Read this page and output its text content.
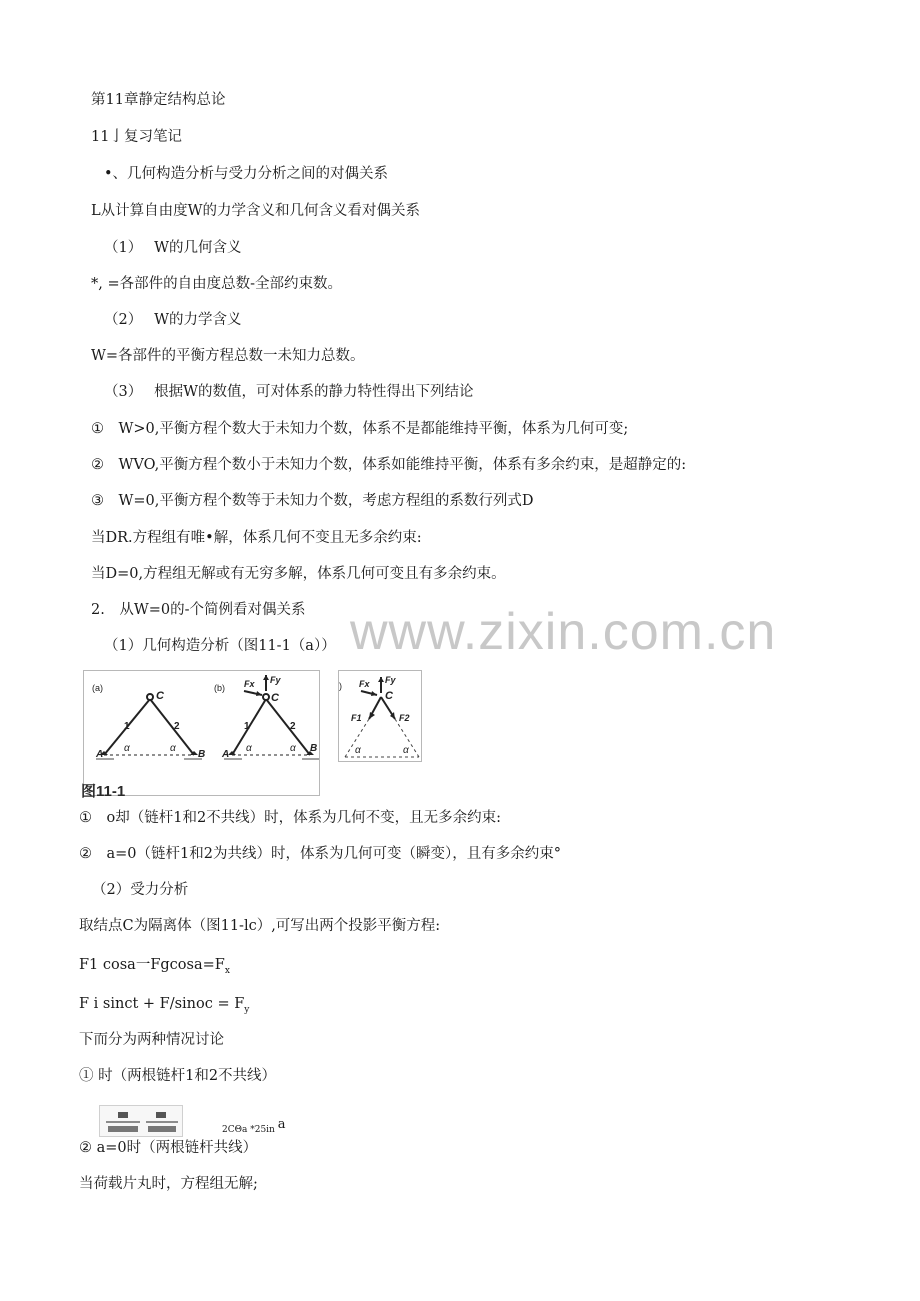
www.zixin.com.cn
第11章静定结构总论
11亅复习笔记
•、几何构造分析与受力分析之间的对偶关系
L从计算自由度W的力学含义和几何含义看对偶关系
（1）　 W的几何含义
*, =各部件的自由度总数-全部约束数。
（2）　 W的力学含义
W=各部件的平衡方程总数一未知力总数。
（3）　 根据W的数值，可对体系的静力特性得出下列结论
①　W>0,平衡方程个数大于未知力个数，体系不是都能维持平衡，体系为几何可变;
②　WVO,平衡方程个数小于未知力个数，体系如能维持平衡，体系有多余约束，是超静定的:
③　W=0,平衡方程个数等于未知力个数，考虑方程组的系数行列式D
当DR.方程组有唯•解，体系几何不变且无多余约束:
当D=0,方程组无解或有无穷多解，体系几何可变且有多余约束。
2.　从W=0的-个简例看对偶关系
（1）几何构造分析（图11-1（a））
(a)
C
1	2
α	α
A	B
(b) Fx Fy
C
1	2
α	α
A
B
) Fx Fy
C
F1	F2
α	α
图11-1
①　o却（链杆1和2不共线）时，体系为几何不变，且无多余约束:
②　a=0（链杆1和2为共线）时，体系为几何可变（瞬变），且有多余约束°
（2）受力分析
取结点C为隔离体（图11-lc）,可写出两个投影平衡方程:
F1 cosa一$Fgcosa=F_x$
F i sinct + F/sinoc = $F_y$
下而分为两种情况讨论
① 时（两根链杆1和2不共线）
2CΘa *25in a
② a=0时（两根链杆共线）
当荷载片丸时，方程组无解;
